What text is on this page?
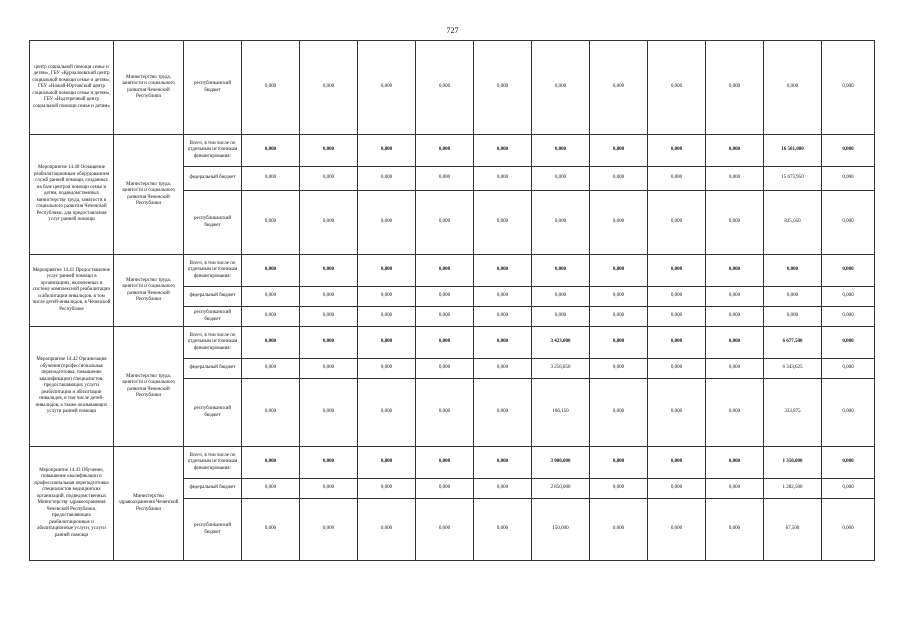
727
центр социальной помощи семье и детям», ГБУ «Курчалоевский центр социальной помощи семье и детям», ГБУ «Ножай-Юртовский центр социальной помощи семье и детям», ГБУ «Надтеречный центр социальной помощи семье и детям»	Министерство труда, занятости и социального развития Чеченской Республики	республиканский бюджет	0,000	0,000	0,000	0,000	0,000	0,000	0,000	0,000	0,000	0,000	0,000
Мероприятие 14.40 Оснащение реабилитационным оборудованием служб ранней помощи, созданных на базе центров помощи семье и детям, подведомственных министерству труда, занятости и социального развития Чеченской Республики, для предоставления услуг ранней помощи	Министерство труда, занятости и социального развития Чеченской Республики	Всего, в том числе по отдельным источникам финансирования:	0,000	0,000	0,000	0,000	0,000	0,000	0,000	0,000	0,000	16 501,000	0,000
		федеральный бюджет	0,000	0,000	0,000	0,000	0,000	0,000	0,000	0,000	0,000	15 675,950	0,000
		республиканский бюджет	0,000	0,000	0,000	0,000	0,000	0,000	0,000	0,000	0,000	825,050	0,000
Мероприятие 14.41 Предоставление услуг ранней помощи в организациях, включенных в систему комплексной реабилитации и абилитации инвалидов, в том числе детей-инвалидов, в Чеченской Республике	Министерство труда, занятости и социального развития Чеченской Республики	Всего, в том числе по отдельным источникам финансирования:	0,000	0,000	0,000	0,000	0,000	0,000	0,000	0,000	0,000	0,000	0,000
		федеральный бюджет	0,000	0,000	0,000	0,000	0,000	0,000	0,000	0,000	0,000	0,000	0,000
		республиканский бюджет	0,000	0,000	0,000	0,000	0,000	0,000	0,000	0,000	0,000	0,000	0,000
Мероприятие 14.42 Организация обучения (профессиональная переподготовка, повышение квалификации) специалистов, предоставляющих услуги реабилитации и абилитации инвалидов, в том числе детей-инвалидов, а также оказывающих услуги ранней помощи	Министерство труда, занятости и социального развития Чеченской Республики	Всего, в том числе по отдельным источникам финансирования:	0,000	0,000	0,000	0,000	0,000	3 423,000	0,000	0,000	0,000	6 677,500	0,000
		федеральный бюджет	0,000	0,000	0,000	0,000	0,000	3 256,850	0,000	0,000	0,000	6 343,625	0,000
		республиканский бюджет	0,000	0,000	0,000	0,000	0,000	166,150	0,000	0,000	0,000	333,875	0,000
Мероприятие 14.43 Обучение, повышение квалификации и профессиональная переподготовка специалистов медицинских организаций, подведомственных Министерству здравоохранения Чеченской Республики, предоставляющих реабилитационные и абилитационные услуги, услуги ранней помощи	Министерство здравоохранения Чеченской Республики	Всего, в том числе по отдельным источникам финансирования:	0,000	0,000	0,000	0,000	0,000	3 000,000	0,000	0,000	0,000	1 350,000	0,000
		федеральный бюджет	0,000	0,000	0,000	0,000	0,000	2 850,000	0,000	0,000	0,000	1 282,500	0,000
		республиканский бюджет	0,000	0,000	0,000	0,000	0,000	150,000	0,000	0,000	0,000	67,500	0,000
